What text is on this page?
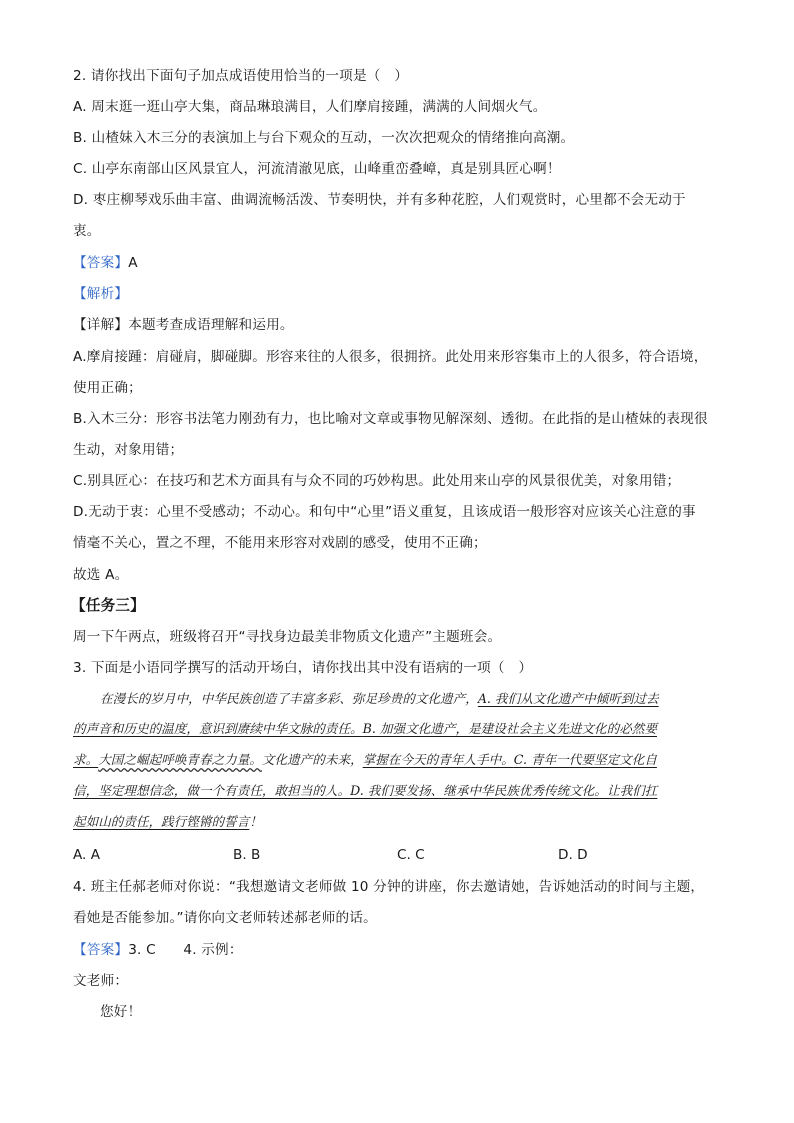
2. 请你找出下面句子加点成语使用恰当的一项是（　）
A. 周末逛一逛山亭大集，商品琳琅满目，人们摩肩接踵，满满的人间烟火气。
B. 山楂妹入木三分的表演加上与台下观众的互动，一次次把观众的情绪推向高潮。
C. 山亭东南部山区风景宜人，河流清澈见底，山峰重峦叠嶂，真是别具匠心啊！
D. 枣庄柳琴戏乐曲丰富、曲调流畅活泼、节奏明快，并有多种花腔，人们观赏时，心里都不会无动于
衷。
【答案】A
【解析】
【详解】本题考查成语理解和运用。
A.摩肩接踵：肩碰肩，脚碰脚。形容来往的人很多，很拥挤。此处用来形容集市上的人很多，符合语境，
使用正确；
B.入木三分：形容书法笔力刚劲有力，也比喻对文章或事物见解深刻、透彻。在此指的是山楂妹的表现很
生动，对象用错；
C.别具匠心：在技巧和艺术方面具有与众不同的巧妙构思。此处用来山亭的风景很优美，对象用错；
D.无动于衷：心里不受感动；不动心。和句中“心里”语义重复，且该成语一般形容对应该关心注意的事
情毫不关心，置之不理，不能用来形容对戏剧的感受，使用不正确；
故选 A。
【任务三】
周一下午两点，班级将召开“寻找身边最美非物质文化遗产”主题班会。
3. 下面是小语同学撰写的活动开场白，请你找出其中没有语病的一项（　）
在漫长的岁月中，中华民族创造了丰富多彩、弥足珍贵的文化遗产，A. 我们从文化遗产中倾听到过去
的声音和历史的温度，意识到赓续中华文脉的责任。B. 加强文化遗产，是建设社会主义先进文化的必然要
求。大国之崛起呼唤青春之力量。文化遗产的未来，掌握在今天的青年人手中。C. 青年一代要坚定文化自
信，坚定理想信念，做一个有责任，敢担当的人。D. 我们要发扬、继承中华民族优秀传统文化。让我们扛
起如山的责任，践行铿锵的誓言！
A. A	B. B	C. C	D. D
4. 班主任郝老师对你说：“我想邀请文老师做 10 分钟的讲座，你去邀请她，告诉她活动的时间与主题，
看她是否能参加。”请你向文老师转述郝老师的话。
【答案】3. C　　4. 示例：
文老师：
您好！
